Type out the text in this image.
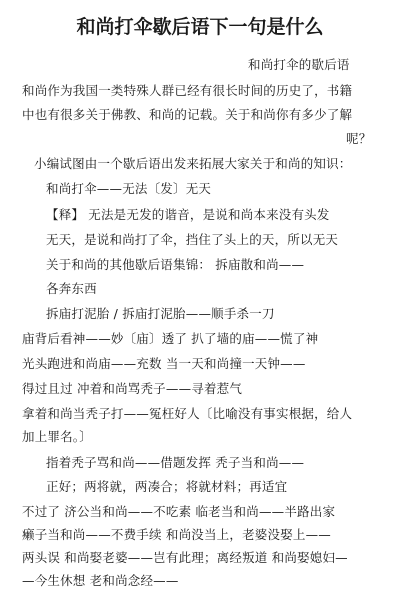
和尚打伞歇后语下一句是什么
和尚打伞的歇后语
和尚作为我国一类特殊人群已经有很长时间的历史了，书籍
中也有很多关于佛教、和尚的记载。关于和尚你有多少了解
呢？
小编试图由一个歇后语出发来拓展大家关于和尚的知识：
和尚打伞——无法〔发〕无天
【释】 无法是无发的谐音，是说和尚本来没有头发
无天，是说和尚打了伞，挡住了头上的天，所以无天
关于和尚的其他歇后语集锦： 拆庙散和尚——
各奔东西
拆庙打泥胎 / 拆庙打泥胎——顺手杀一刀
庙背后看神——妙〔庙〕透了 扒了墙的庙——慌了神
光头跑进和尚庙——充数 当一天和尚撞一天钟——
得过且过 冲着和尚骂秃子——寻着惹气
拿着和尚当秃子打——冤枉好人〔比喻没有事实根据，给人
加上罪名。〕
指着秃子骂和尚——借题发挥 秃子当和尚——
正好；两将就，两凑合；将就材料；再适宜
不过了 济公当和尚——不吃素 临老当和尚——半路出家
癞子当和尚——不费手续 和尚没当上，老婆没娶上——
两头误 和尚娶老婆——岂有此理；离经叛道 和尚娶媳妇—
—今生休想 老和尚念经——
